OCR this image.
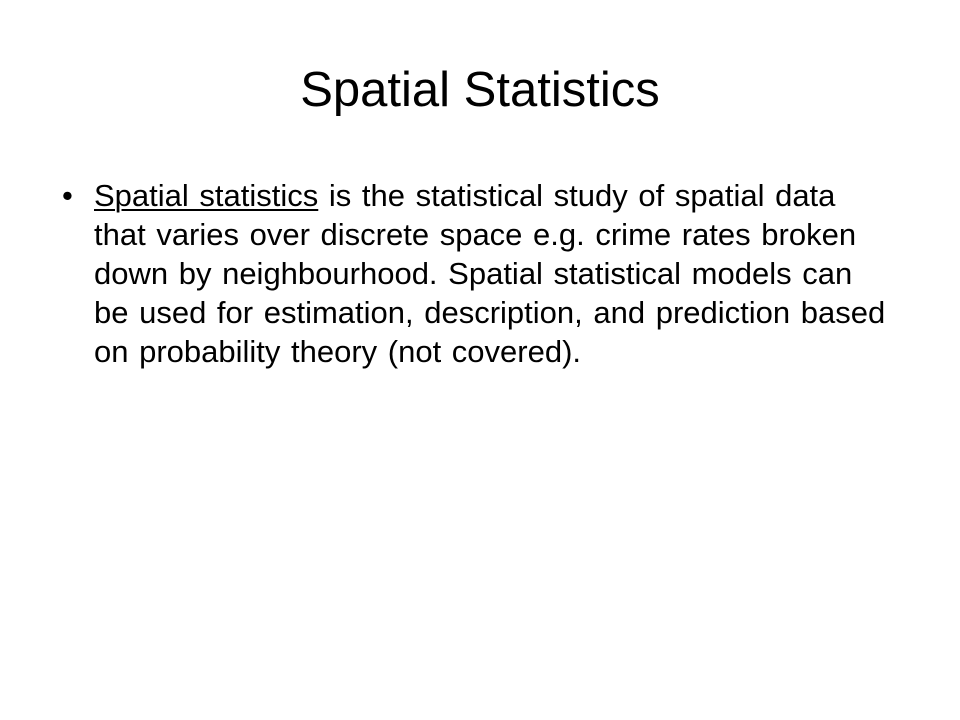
Spatial Statistics
• Spatial statistics is the statistical study of spatial data that varies over discrete space e.g. crime rates broken down by neighbourhood. Spatial statistical models can be used for estimation, description, and prediction based on probability theory (not covered).
